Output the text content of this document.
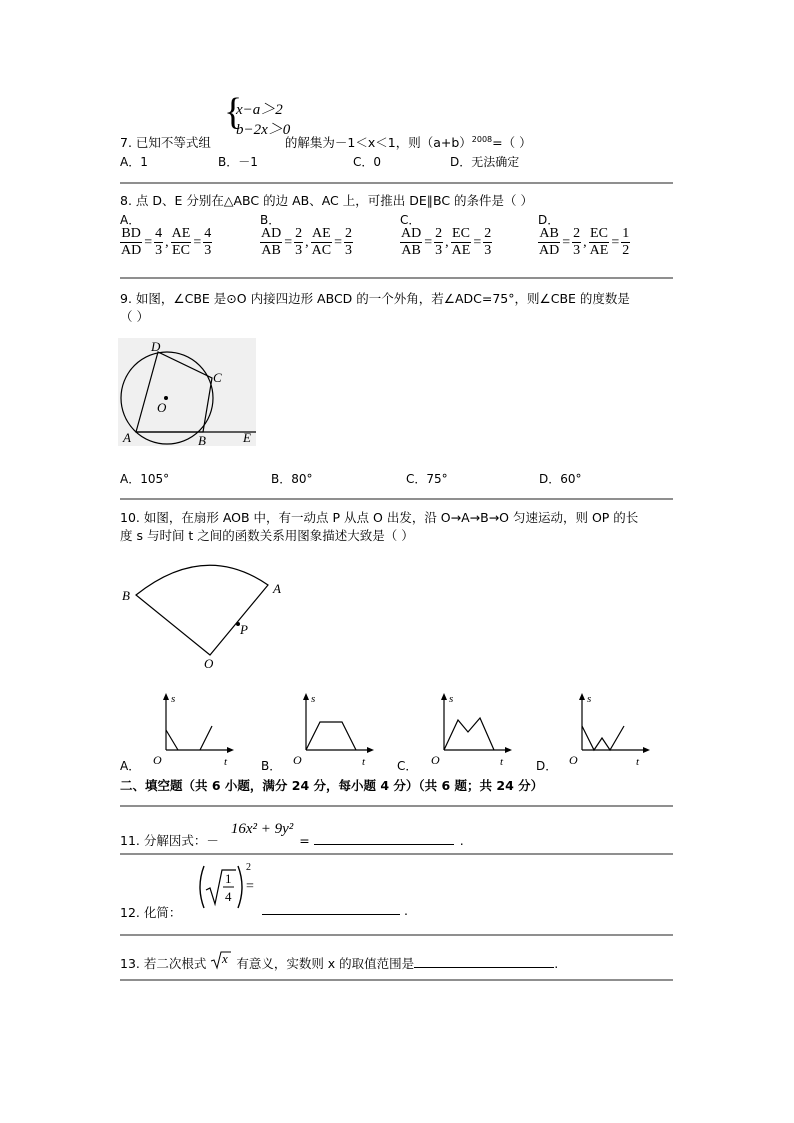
{
x−a＞2
b−2x＞0
7. 已知不等式组	的解集为－1＜x＜1，则$(a+b)^{2008}=$（ ）
A．1	B．－1	C．0	D．无法确定
8. 点 D、E 分别在△ABC 的边 AB、AC 上，可推出 DE∥BC 的条件是（ ）
A．	B．	C．	D．
$\frac{BD}{AD} = \frac{4}{3}$ , $\frac{AE}{EC} = \frac{4}{3}$	$\frac{AD}{AB} = \frac{2}{3}$ , $\frac{AE}{AC} = \frac{2}{3}$	$\frac{AD}{AB} = \frac{2}{3}$ , $\frac{EC}{AE} = \frac{2}{3}$	$\frac{AB}{AD} = \frac{2}{3}$ , $\frac{EC}{AE} = \frac{1}{2}$
9. 如图，∠CBE 是⊙O 内接四边形 ABCD 的一个外角，若∠ADC=75°，则∠CBE 的度数是
（ ）
D
C
O
A	B	E
A．105°	B．80°	C．75°	D．60°
10. 如图，在扇形 AOB 中，有一动点 P 从点 O 出发，沿 O→A→B→O 匀速运动，则 OP 的长
度 s 与时间 t 之间的函数关系用图象描述大致是（ ）
B	A
P
O
A．	B．	C．	D．
s
t
O
s
t
O
s
t
O
s
t
O
二、填空题（共 6 小题，满分 24 分，每小题 4 分）（共 6 题；共 24 分）
11. 分解因式：－ 16x² + 9y² =	.
12. 化简：
1
4
2
=
.
13. 若二次根式 x 有意义，实数则 x 的取值范围是	.
